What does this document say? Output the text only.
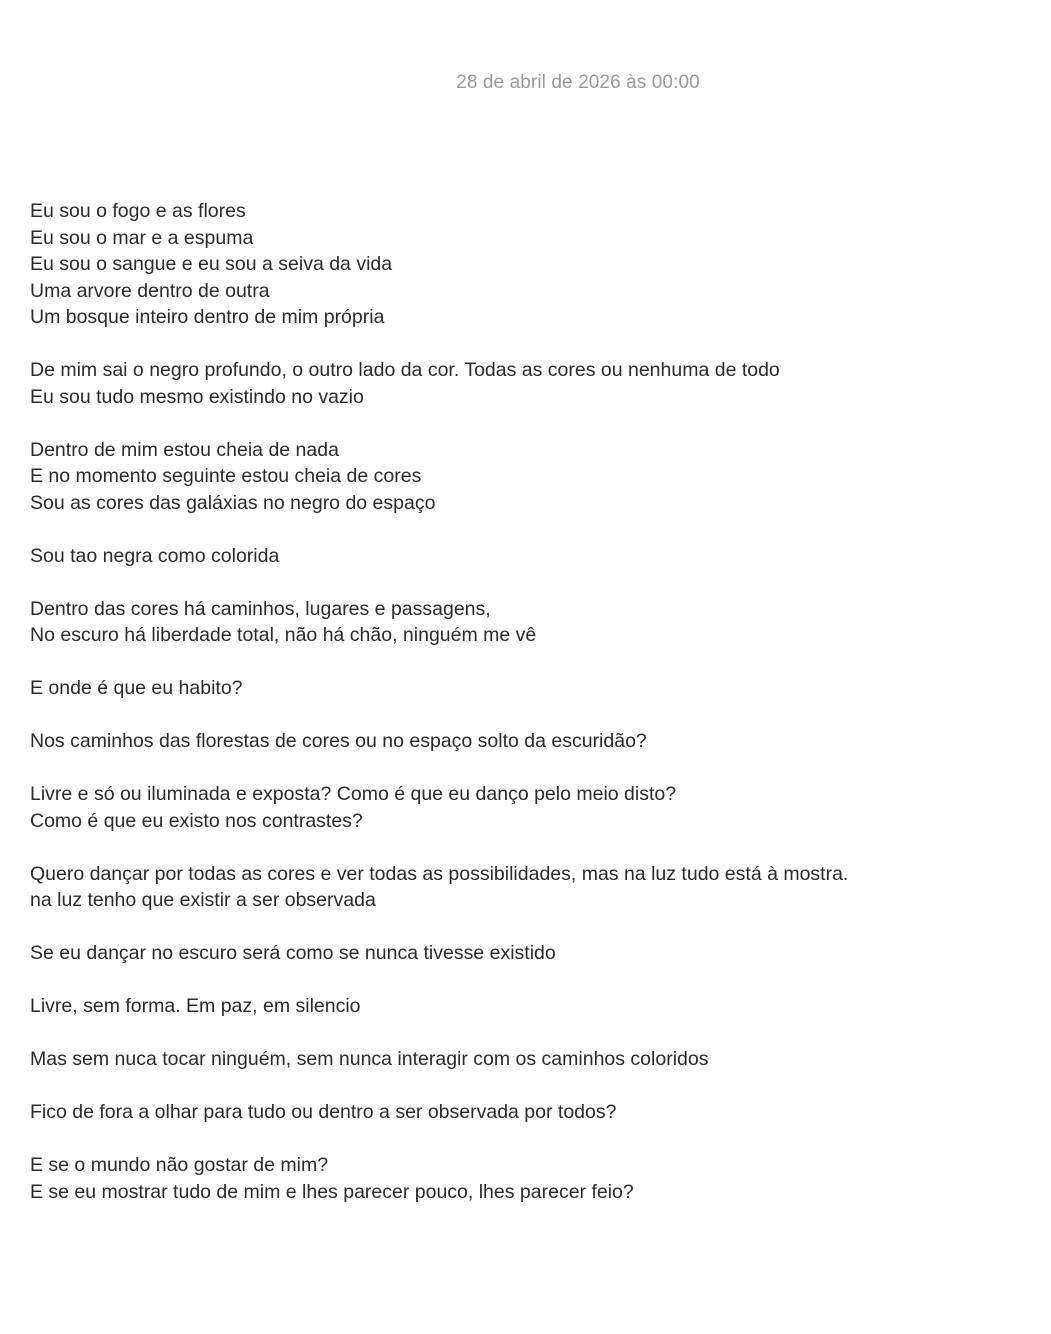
28 de abril de 2026 às 00:00

Eu sou o fogo e as flores
Eu sou o mar e a espuma
Eu sou o sangue e eu sou a seiva da vida
Uma arvore dentro de outra
Um bosque inteiro dentro de mim própria

De mim sai o negro profundo, o outro lado da cor. Todas as cores ou nenhuma de todo
Eu sou tudo mesmo existindo no vazio

Dentro de mim estou cheia de nada
E no momento seguinte estou cheia de cores
Sou as cores das galáxias no negro do espaço

Sou tao negra como colorida

Dentro das cores há caminhos, lugares e passagens,
No escuro há liberdade total, não há chão, ninguém me vê

E onde é que eu habito?

Nos caminhos das florestas de cores ou no espaço solto da escuridão?

Livre e só ou iluminada e exposta? Como é que eu danço pelo meio disto?
Como é que eu existo nos contrastes?

Quero dançar por todas as cores e ver todas as possibilidades, mas na luz tudo está à mostra.
na luz tenho que existir a ser observada

Se eu dançar no escuro será como se nunca tivesse existido

Livre, sem forma. Em paz, em silencio

Mas sem nuca tocar ninguém, sem nunca interagir com os caminhos coloridos

Fico de fora a olhar para tudo ou dentro a ser observada por todos?

E se o mundo não gostar de mim?
E se eu mostrar tudo de mim e lhes parecer pouco, lhes parecer feio?
